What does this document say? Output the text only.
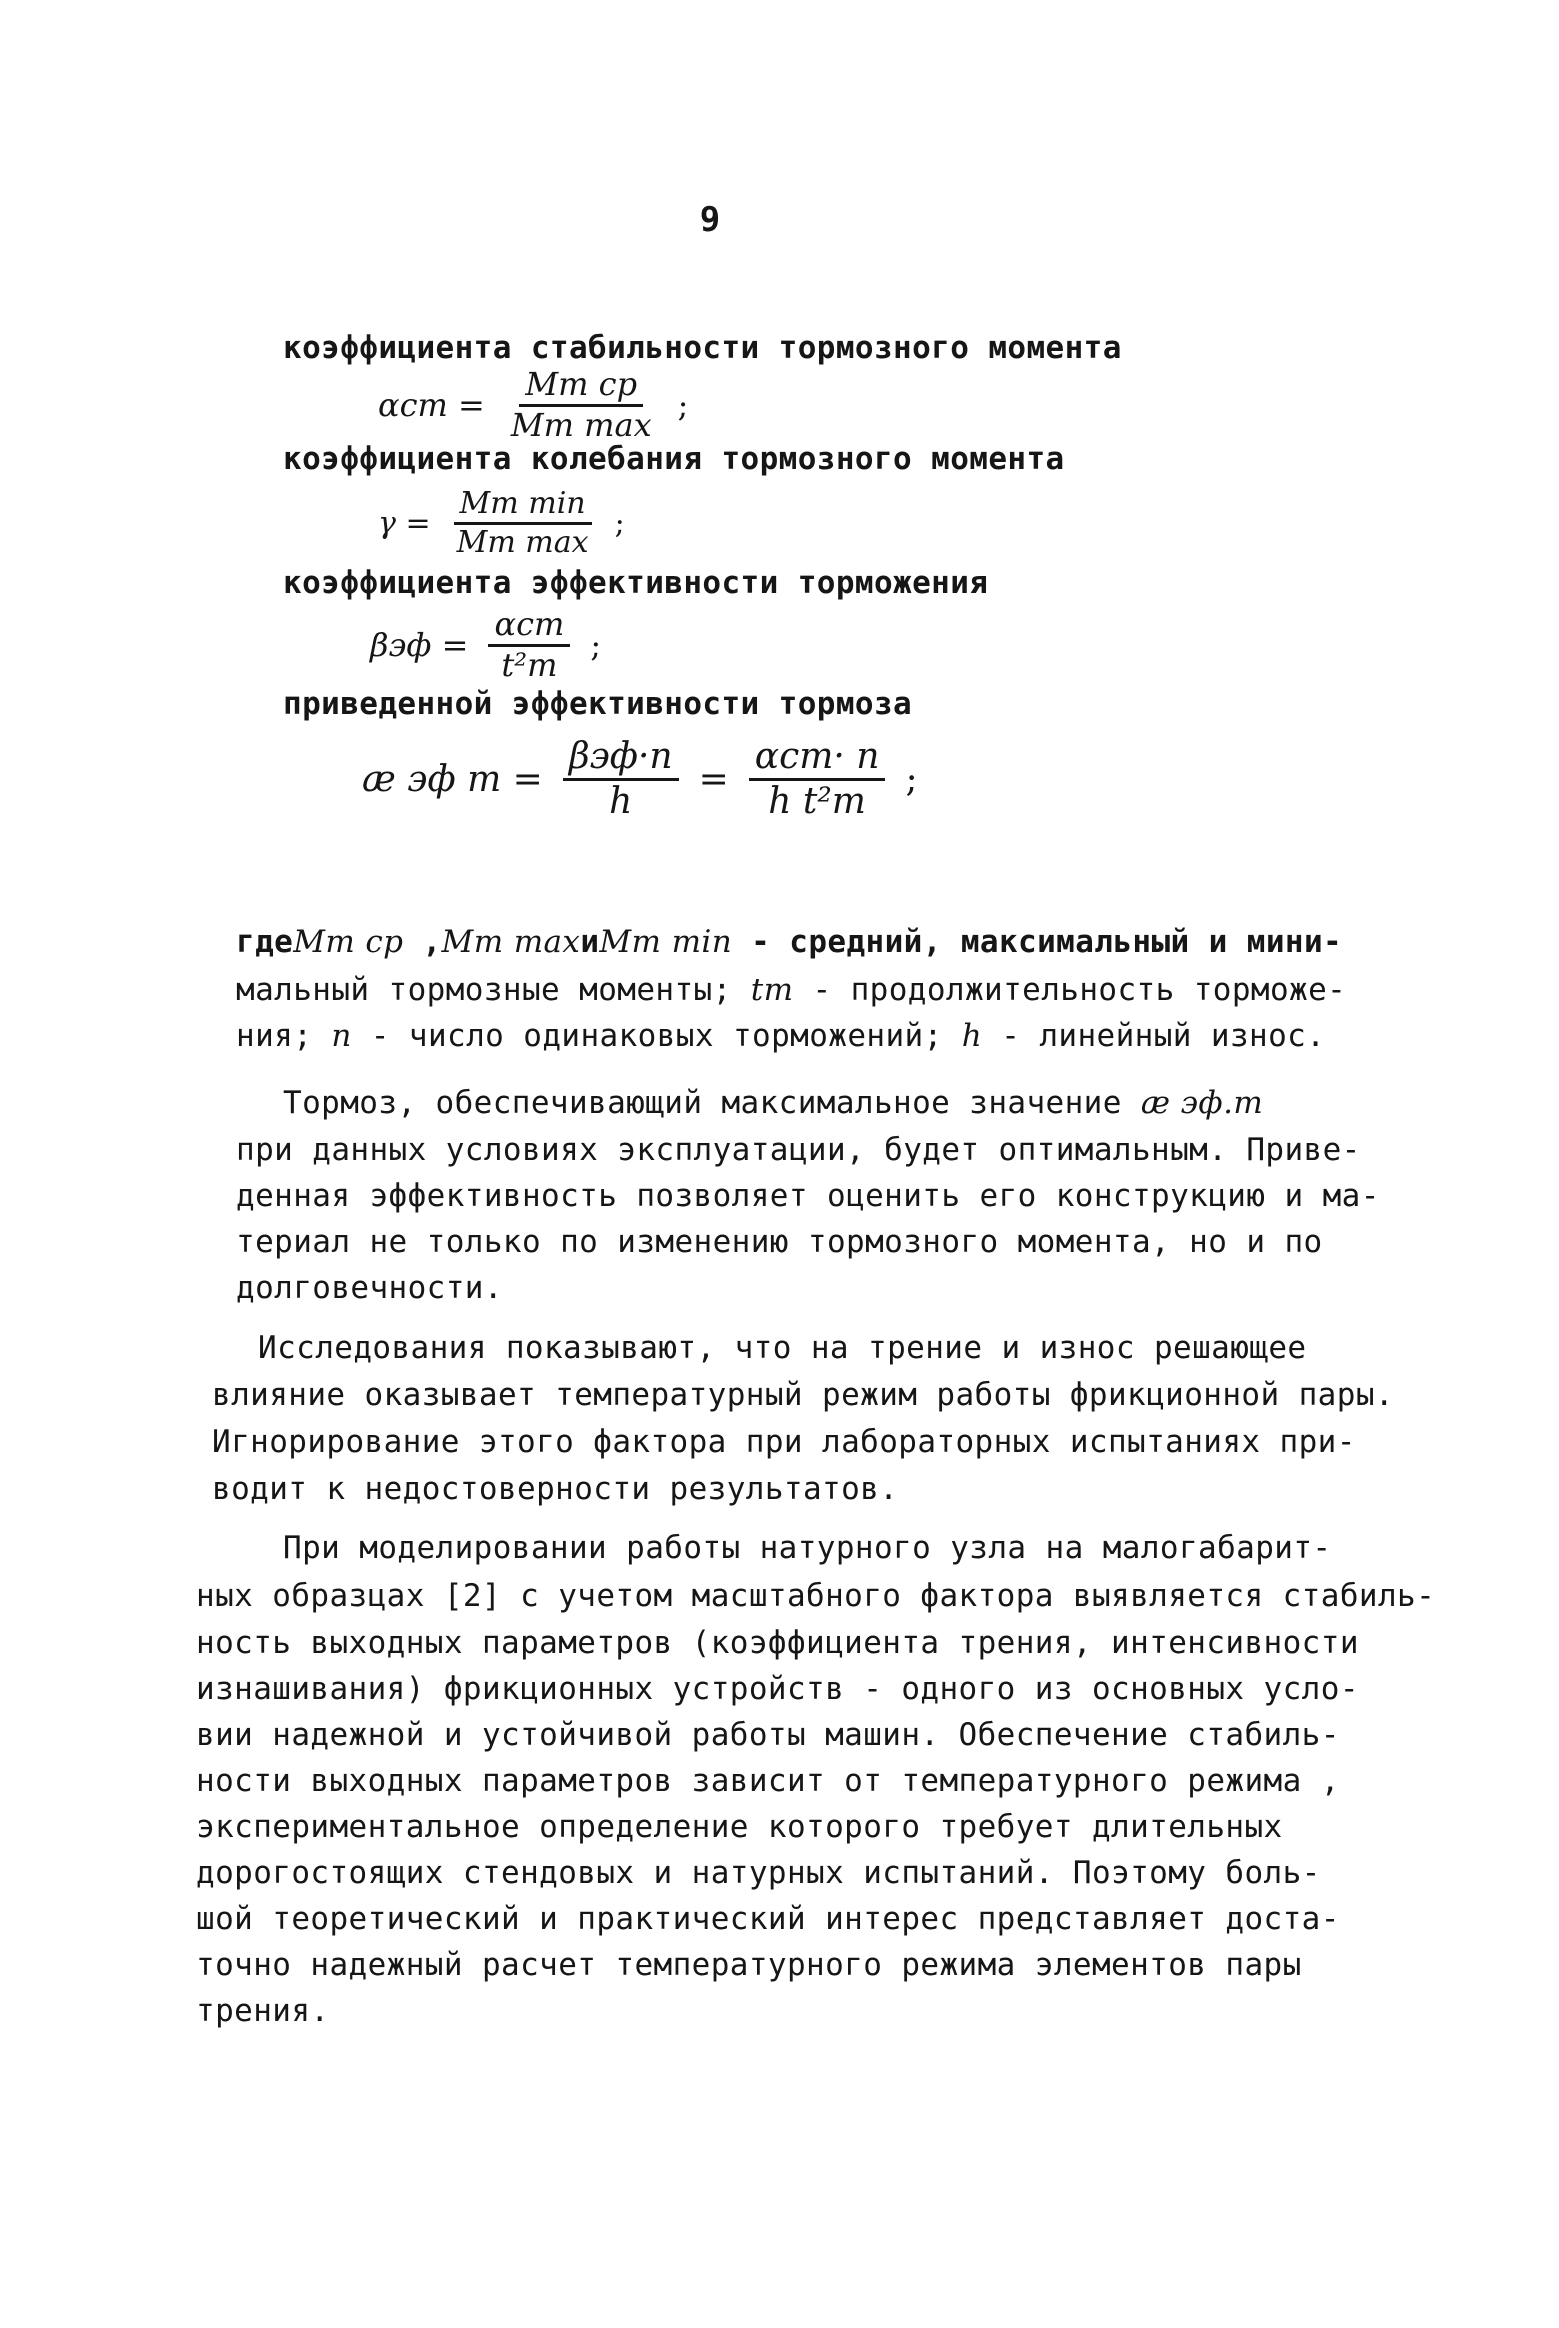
9
коэффициента стабильности тормозного момента
$\alpha ст = \frac{\text{Мт ср}}{\text{Мт max}}$ ;
коэффициента колебания тормозного момента
$\gamma = \frac{\text{Мт min}}{\text{Мт max}}$ ;
коэффициента эффективности торможения
$\beta эф = \frac{\text{αст}}{\text{t²т}}$ ;
приведенной эффективности тормоза
æ эф $т = \frac{\text{βэф·n}}{h} = \frac{\text{αст· n}}{\text{h t²т}}$ ;
гдеМт ср ,Мт maxиМт min - средний, максимальный и мини-
мальный тормозные моменты; tт - продолжительность торможе-
ния; n - число одинаковых торможений; h - линейный износ.
Тормоз, обеспечивающий максимальное значение æ эф.т
при данных условиях эксплуатации, будет оптимальным. Приве-
денная эффективность позволяет оценить его конструкцию и ма-
териал не только по изменению тормозного момента, но и по
долговечности.
Исследования показывают, что на трение и износ решающее
влияние оказывает температурный режим работы фрикционной пары.
Игнорирование этого фактора при лабораторных испытаниях при-
водит к недостоверности результатов.
При моделировании работы натурного узла на малогабарит-
ных образцах [2] с учетом масштабного фактора выявляется стабиль-
ность выходных параметров (коэффициента трения, интенсивности
изнашивания) фрикционных устройств - одного из основных усло-
вии надежной и устойчивой работы машин. Обеспечение стабиль-
ности выходных параметров зависит от температурного режима ,
экспериментальное определение которого требует длительных
дорогостоящих стендовых и натурных испытаний. Поэтому боль-
шой теоретический и практический интерес представляет доста-
точно надежный расчет температурного режима элементов пары
трения.
